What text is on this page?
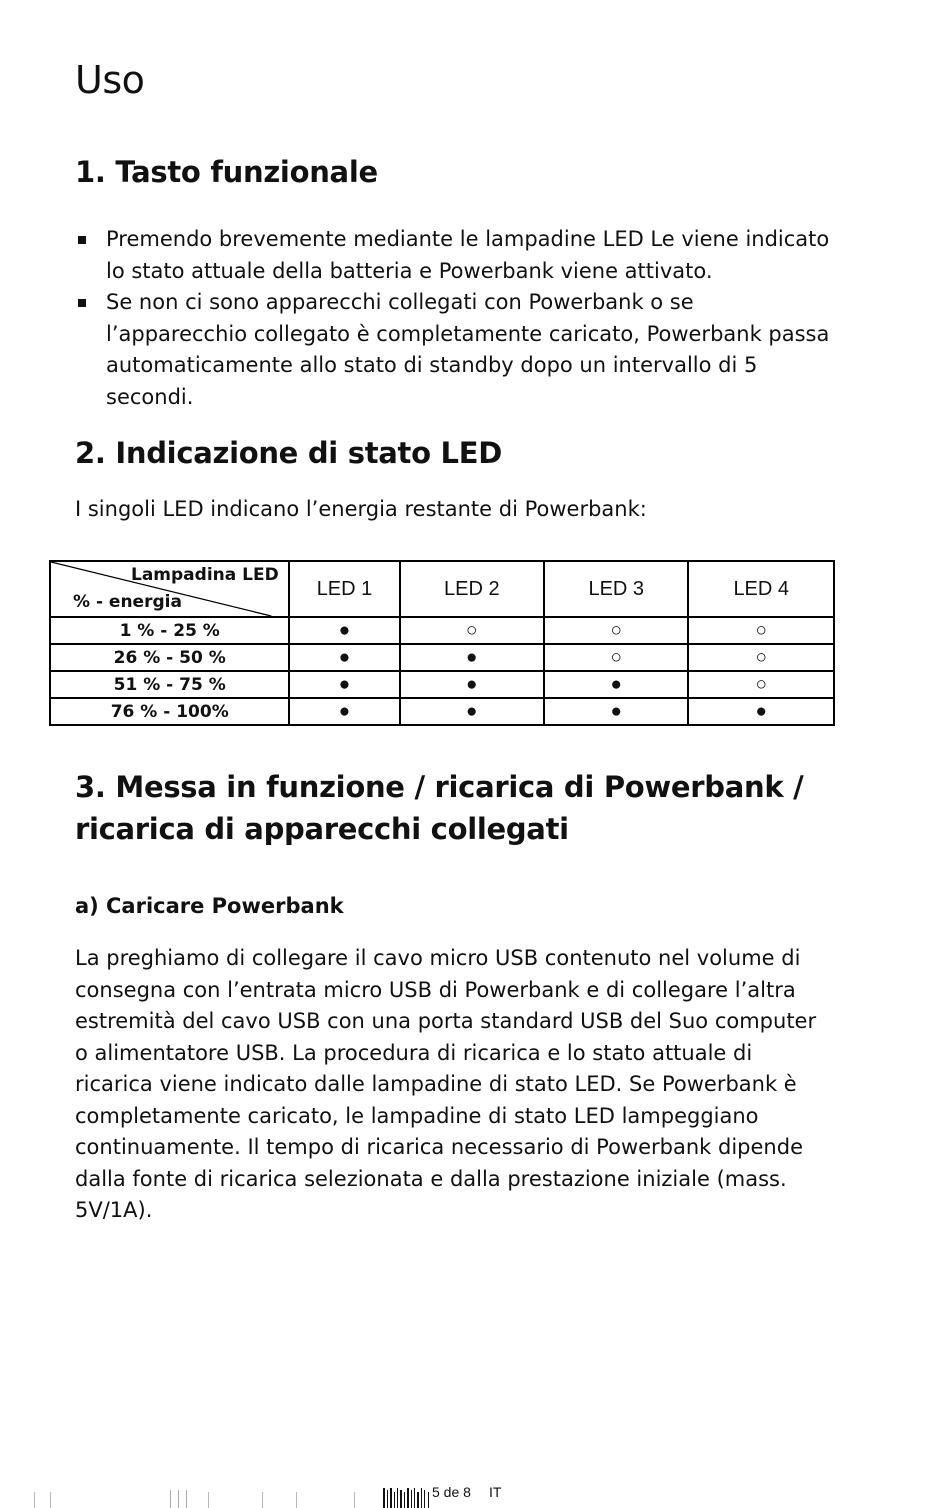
Uso
1. Tasto funzionale
Premendo brevemente mediante le lampadine LED Le viene indicato lo stato attuale della batteria e Powerbank viene attivato.
Se non ci sono apparecchi collegati con Powerbank o se l’apparecchio collegato è completamente caricato, Powerbank passa automaticamente allo stato di standby dopo un intervallo di 5 secondi.
2. Indicazione di stato LED

I singoli LED indicano l’energia restante di Powerbank:

Lampadina LED
% - energia	LED 1	LED 2	LED 3	LED 4
1 % - 25 %	●	○	○	○
26 % - 50 %	●	●	○	○
51 % - 75 %	●	●	●	○
76 % - 100%	●	●	●	●
3. Messa in funzione / ricarica di Powerbank /
ricarica di apparecchi collegati

a) Caricare Powerbank

La preghiamo di collegare il cavo micro USB contenuto nel volume di consegna con l’entrata micro USB di Powerbank e di collegare l’altra estremità del cavo USB con una porta standard USB del Suo computer o alimentatore USB. La procedura di ricarica e lo stato attuale di ricarica viene indicato dalle lampadine di stato LED. Se Powerbank è completamente caricato, le lampadine di stato LED lampeggiano continuamente. Il tempo di ricarica necessario di Powerbank dipende dalla fonte di ricarica selezionata e dalla prestazione iniziale (mass. 5V/1A).

5 de 8 IT
